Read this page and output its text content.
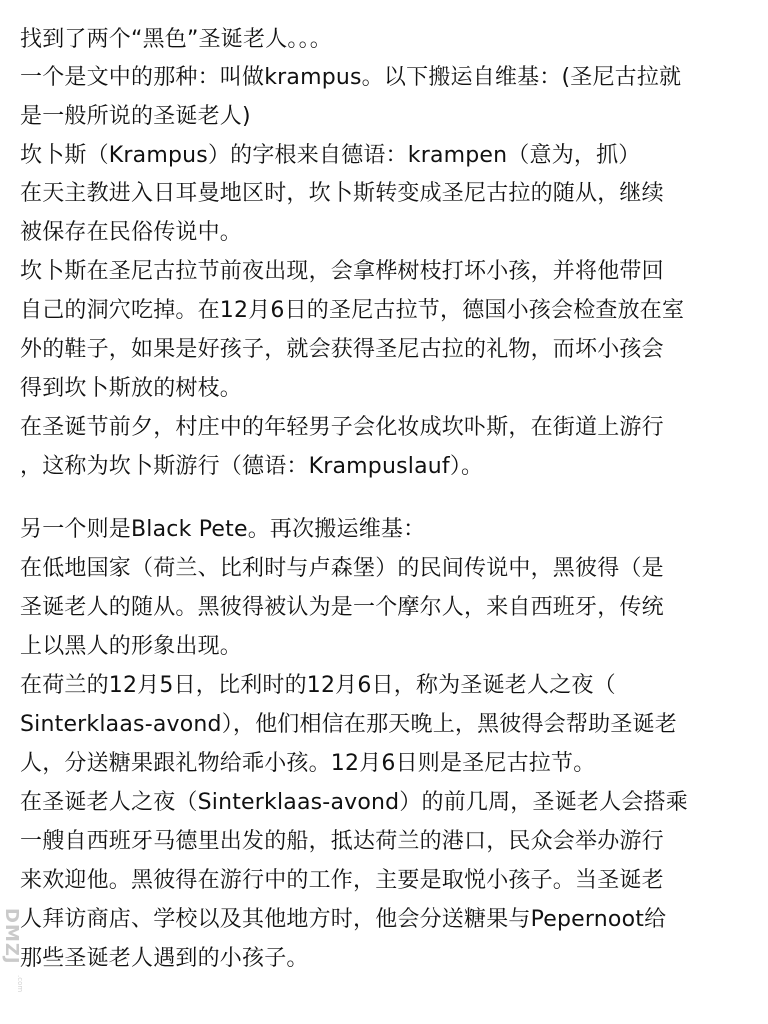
找到了两个“黑色”圣诞老人。。。
一个是文中的那种：叫做krampus。以下搬运自维基：(圣尼古拉就
是一般所说的圣诞老人)
坎卜斯（Krampus）的字根来自德语：krampen（意为，抓）
在天主教进入日耳曼地区时，坎卜斯转变成圣尼古拉的随从，继续
被保存在民俗传说中。
坎卜斯在圣尼古拉节前夜出现，会拿桦树枝打坏小孩，并将他带回
自己的洞穴吃掉。在12月6日的圣尼古拉节，德国小孩会检查放在室
外的鞋子，如果是好孩子，就会获得圣尼古拉的礼物，而坏小孩会
得到坎卜斯放的树枝。
在圣诞节前夕，村庄中的年轻男子会化妆成坎卟斯，在街道上游行
，这称为坎卜斯游行（德语：Krampuslauf）。
另一个则是Black Pete。再次搬运维基：
在低地国家（荷兰、比利时与卢森堡）的民间传说中，黑彼得（是
圣诞老人的随从。黑彼得被认为是一个摩尔人，来自西班牙，传统
上以黑人的形象出现。
在荷兰的12月5日，比利时的12月6日，称为圣诞老人之夜（
Sinterklaas-avond），他们相信在那天晚上，黑彼得会帮助圣诞老
人，分送糖果跟礼物给乖小孩。12月6日则是圣尼古拉节。
在圣诞老人之夜（Sinterklaas-avond）的前几周，圣诞老人会搭乘
一艘自西班牙马德里出发的船，抵达荷兰的港口，民众会举办游行
来欢迎他。黑彼得在游行中的工作，主要是取悦小孩子。当圣诞老
人拜访商店、学校以及其他地方时，他会分送糖果与Pepernoot给
那些圣诞老人遇到的小孩子。
DMZJ
.com
